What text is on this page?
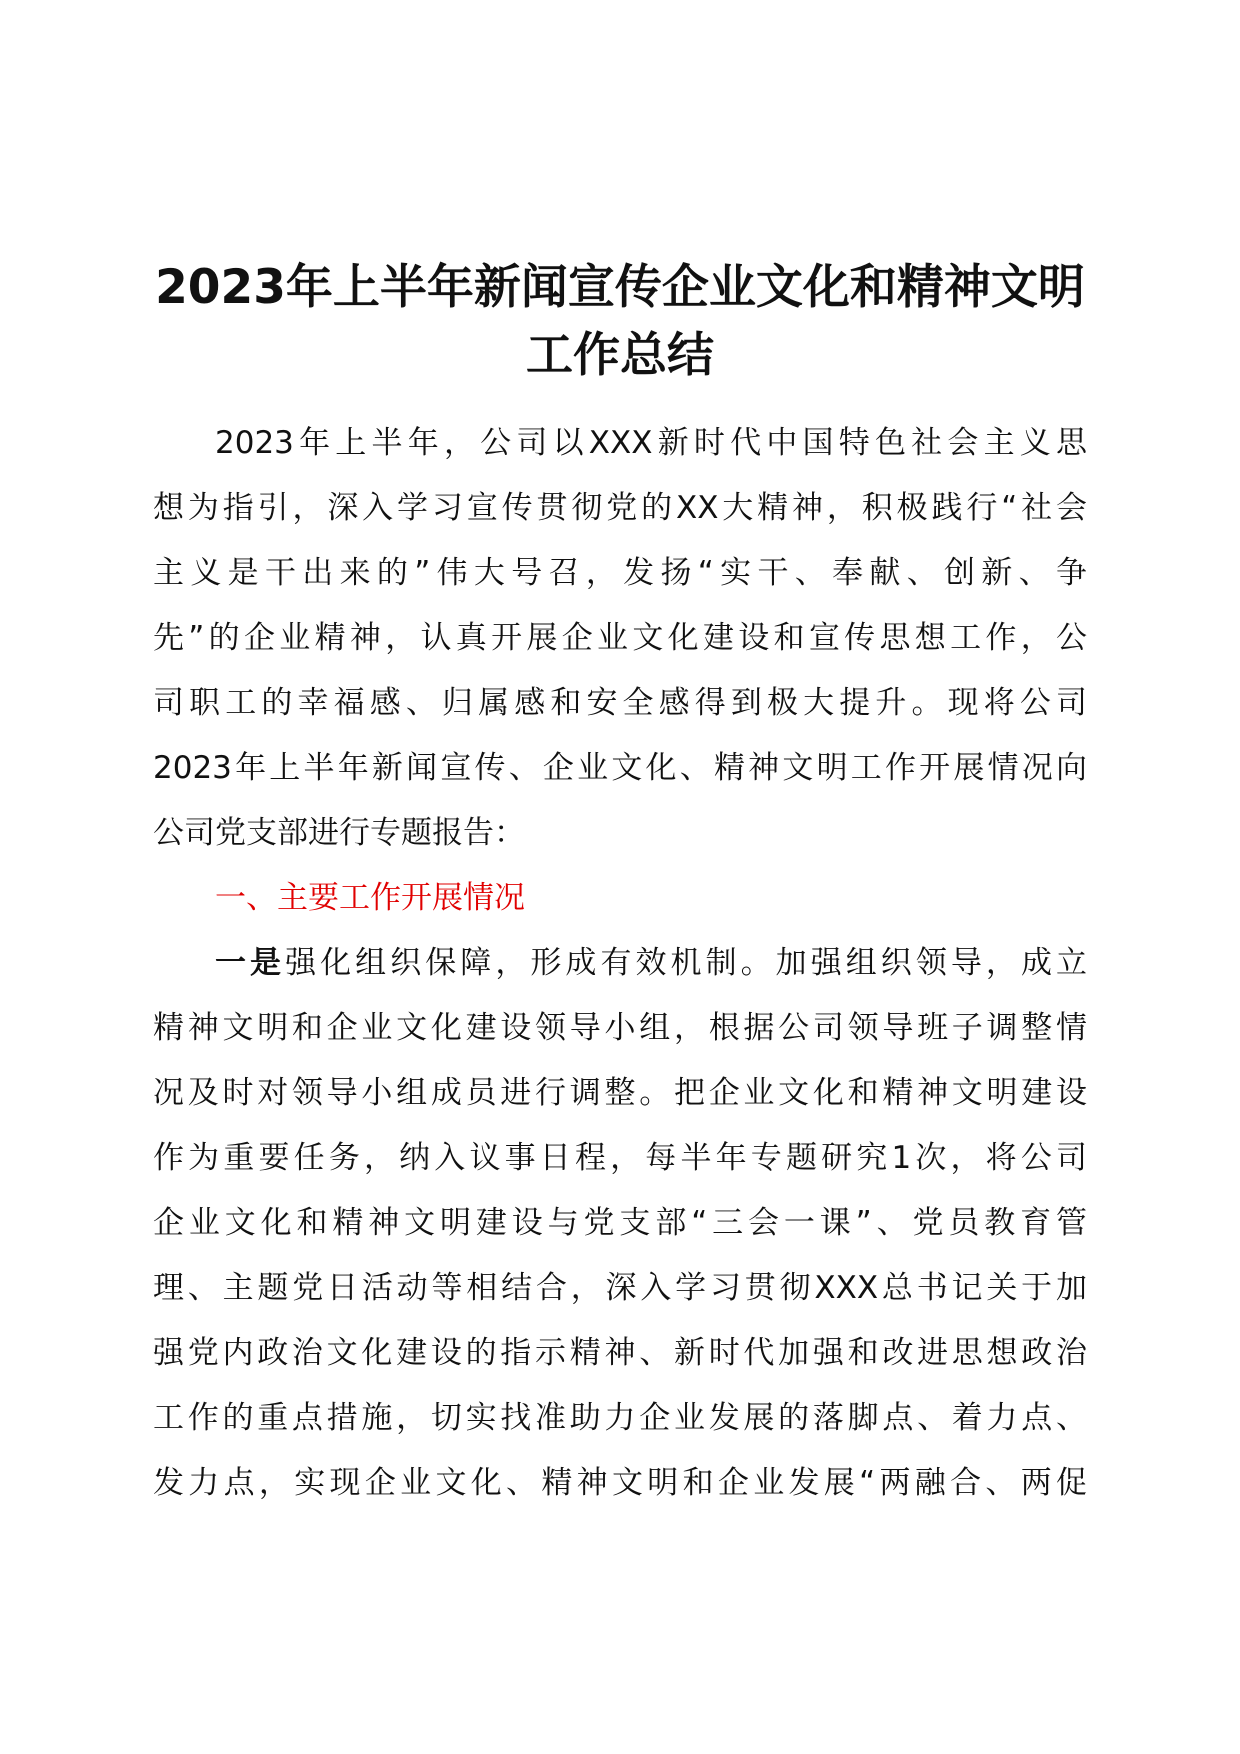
2023年上半年新闻宣传企业文化和精神文明
工作总结
2023年上半年，公司以XXX新时代中国特色社会主义思
想为指引，深入学习宣传贯彻党的XX大精神，积极践行“社会
主义是干出来的”伟大号召，发扬“实干、奉献、创新、争
先”的企业精神，认真开展企业文化建设和宣传思想工作，公
司职工的幸福感、归属感和安全感得到极大提升。现将公司
2023年上半年新闻宣传、企业文化、精神文明工作开展情况向
公司党支部进行专题报告：
一、主要工作开展情况
一是强化组织保障，形成有效机制。加强组织领导，成立
精神文明和企业文化建设领导小组，根据公司领导班子调整情
况及时对领导小组成员进行调整。把企业文化和精神文明建设
作为重要任务，纳入议事日程，每半年专题研究1次，将公司
企业文化和精神文明建设与党支部“三会一课”、党员教育管
理、主题党日活动等相结合，深入学习贯彻XXX总书记关于加
强党内政治文化建设的指示精神、新时代加强和改进思想政治
工作的重点措施，切实找准助力企业发展的落脚点、着力点、
发力点，实现企业文化、精神文明和企业发展“两融合、两促
